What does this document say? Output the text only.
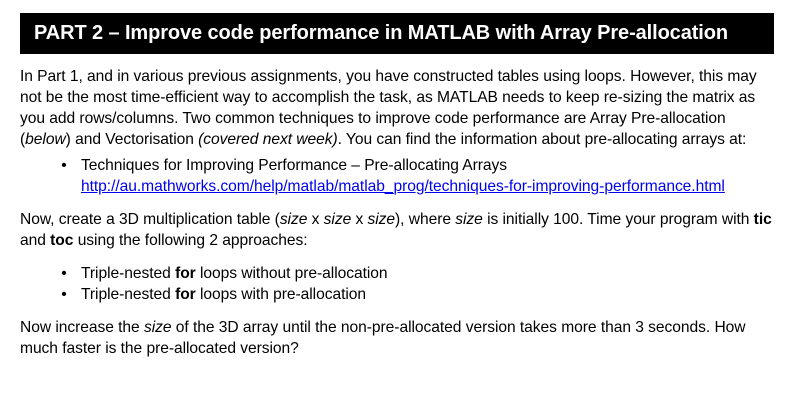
PART 2 – Improve code performance in MATLAB with Array Pre-allocation

In Part 1, and in various previous assignments, you have constructed tables using loops. However, this may
not be the most time-efficient way to accomplish the task, as MATLAB needs to keep re-sizing the matrix as
you add rows/columns. Two common techniques to improve code performance are Array Pre-allocation
(below) and Vectorisation (covered next week). You can find the information about pre-allocating arrays at:

• Techniques for Improving Performance – Pre-allocating Arrays
http://au.mathworks.com/help/matlab/matlab_prog/techniques-for-improving-performance.html

Now, create a 3D multiplication table (size x size x size), where size is initially 100. Time your program with tic
and toc using the following 2 approaches:

• Triple-nested for loops without pre-allocation
• Triple-nested for loops with pre-allocation

Now increase the size of the 3D array until the non-pre-allocated version takes more than 3 seconds. How
much faster is the pre-allocated version?
